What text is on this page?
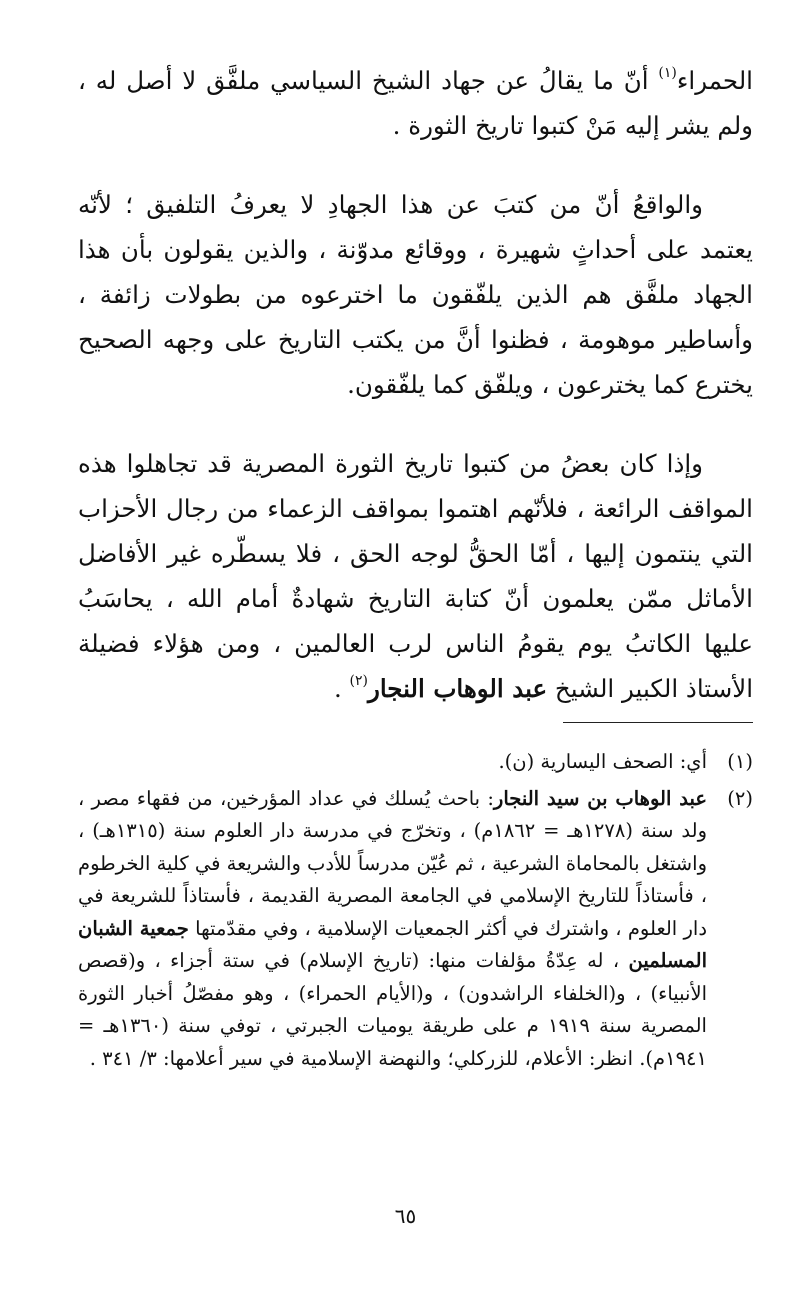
الحمراء$^{(١)}$ أنّ ما يقالُ عن جهاد الشيخ السياسي ملفَّق لا أصل له ، ولم يشر إليه مَنْ كتبوا تاريخ الثورة .

والواقعُ أنّ من كتبَ عن هذا الجهادِ لا يعرفُ التلفيق ؛ لأنّه يعتمد على أحداثٍ شهيرة ، ووقائع مدوّنة ، والذين يقولون بأن هذا الجهاد ملفَّق هم الذين يلفّقون ما اخترعوه من بطولات زائفة ، وأساطير موهومة ، فظنوا أنَّ من يكتب التاريخ على وجهه الصحيح يخترع كما يخترعون ، ويلفّق كما يلفّقون.

وإذا كان بعضُ من كتبوا تاريخ الثورة المصرية قد تجاهلوا هذه المواقف الرائعة ، فلأنّهم اهتموا بمواقف الزعماء من رجال الأحزاب التي ينتمون إليها ، أمّا الحقُّ لوجه الحق ، فلا يسطّره غير الأفاضل الأماثل ممّن يعلمون أنّ كتابة التاريخ شهادةٌ أمام الله ، يحاسَبُ عليها الكاتبُ يوم يقومُ الناس لرب العالمين ، ومن هؤلاء فضيلة الأستاذ الكبير الشيخ عبد الوهاب النجار$^{(٢)}$ .

(١)
أي: الصحف اليسارية (ن).
(٢)
عبد الوهاب بن سيد النجار: باحث يُسلك في عداد المؤرخين، من فقهاء مصر ، ولد سنة (١٢٧٨هـ = ١٨٦٢م) ، وتخرّج في مدرسة دار العلوم سنة (١٣١٥هـ) ، واشتغل بالمحاماة الشرعية ، ثم عُيّن مدرساً للأدب والشريعة في كلية الخرطوم ، فأستاذاً للتاريخ الإسلامي في الجامعة المصرية القديمة ، فأستاذاً للشريعة في دار العلوم ، واشترك في أكثر الجمعيات الإسلامية ، وفي مقدّمتها جمعية الشبان المسلمين ، له عِدّةُ مؤلفات منها: (تاريخ الإسلام) في ستة أجزاء ، و(قصص الأنبياء) ، و(الخلفاء الراشدون) ، و(الأيام الحمراء) ، وهو مفصّلُ أخبار الثورة المصرية سنة ١٩١٩ م على طريقة يوميات الجبرتي ، توفي سنة (١٣٦٠هـ = ١٩٤١م). انظر: الأعلام، للزركلي؛ والنهضة الإسلامية في سير أعلامها: ٣/ ٣٤١ .
٦٥
